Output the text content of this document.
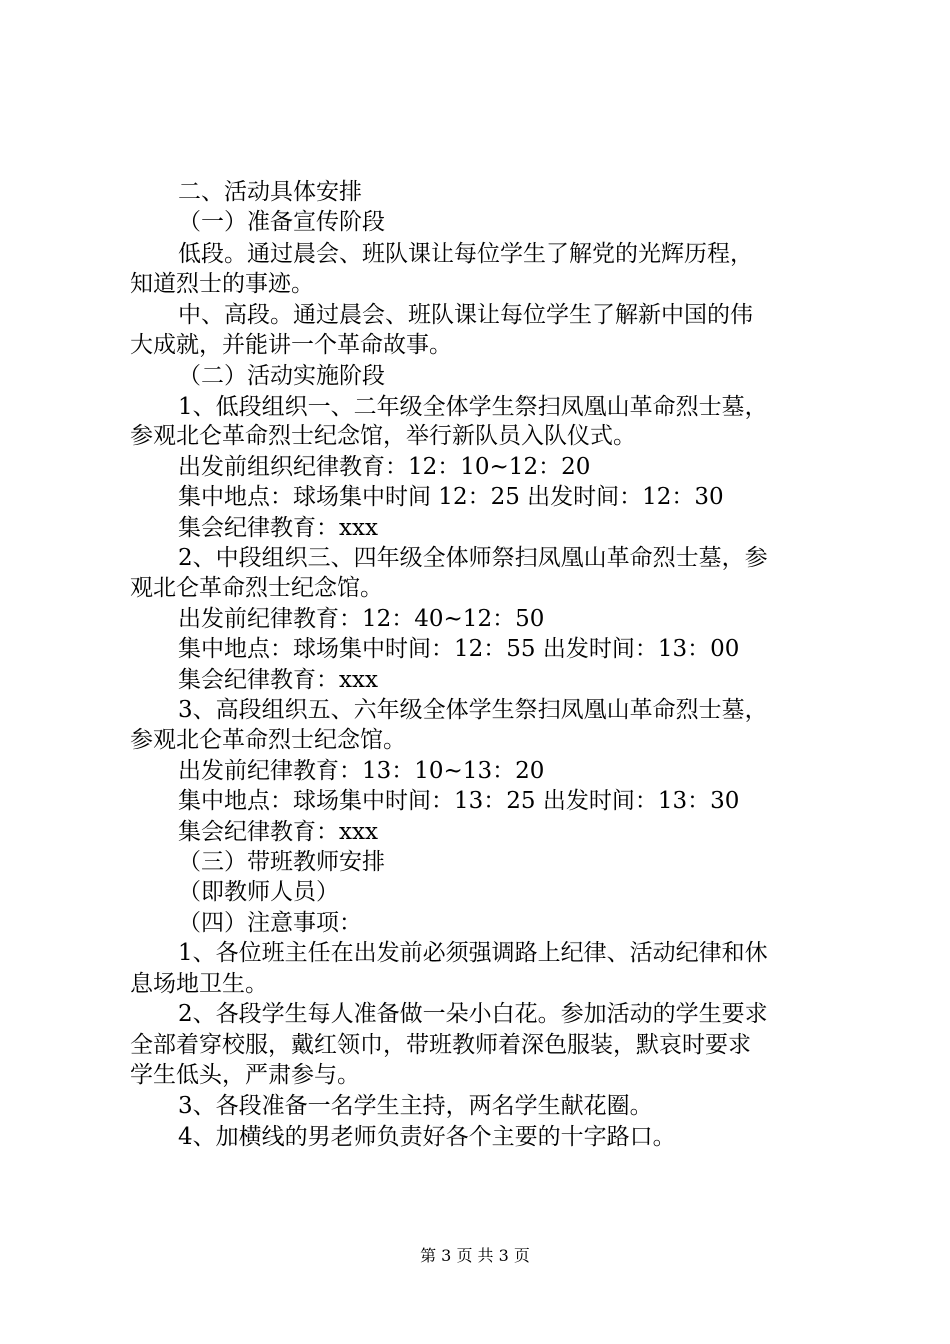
二、活动具体安排
（一）准备宣传阶段
低段。通过晨会、班队课让每位学生了解党的光辉历程，
知道烈士的事迹。
中、高段。通过晨会、班队课让每位学生了解新中国的伟
大成就，并能讲一个革命故事。
（二）活动实施阶段
1、低段组织一、二年级全体学生祭扫凤凰山革命烈士墓，
参观北仑革命烈士纪念馆，举行新队员入队仪式。
出发前组织纪律教育：12：10~12：20
集中地点：球场集中时间 12：25 出发时间：12：30
集会纪律教育：xxx
2、中段组织三、四年级全体师祭扫凤凰山革命烈士墓，参
观北仑革命烈士纪念馆。
出发前纪律教育：12：40~12：50
集中地点：球场集中时间：12：55 出发时间：13：00
集会纪律教育：xxx
3、高段组织五、六年级全体学生祭扫凤凰山革命烈士墓，
参观北仑革命烈士纪念馆。
出发前纪律教育：13：10~13：20
集中地点：球场集中时间：13：25 出发时间：13：30
集会纪律教育：xxx
（三）带班教师安排
（即教师人员）
（四）注意事项：
1、各位班主任在出发前必须强调路上纪律、活动纪律和休
息场地卫生。
2、各段学生每人准备做一朵小白花。参加活动的学生要求
全部着穿校服，戴红领巾，带班教师着深色服装，默哀时要求
学生低头，严肃参与。
3、各段准备一名学生主持，两名学生献花圈。
4、加横线的男老师负责好各个主要的十字路口。
第 3 页 共 3 页
